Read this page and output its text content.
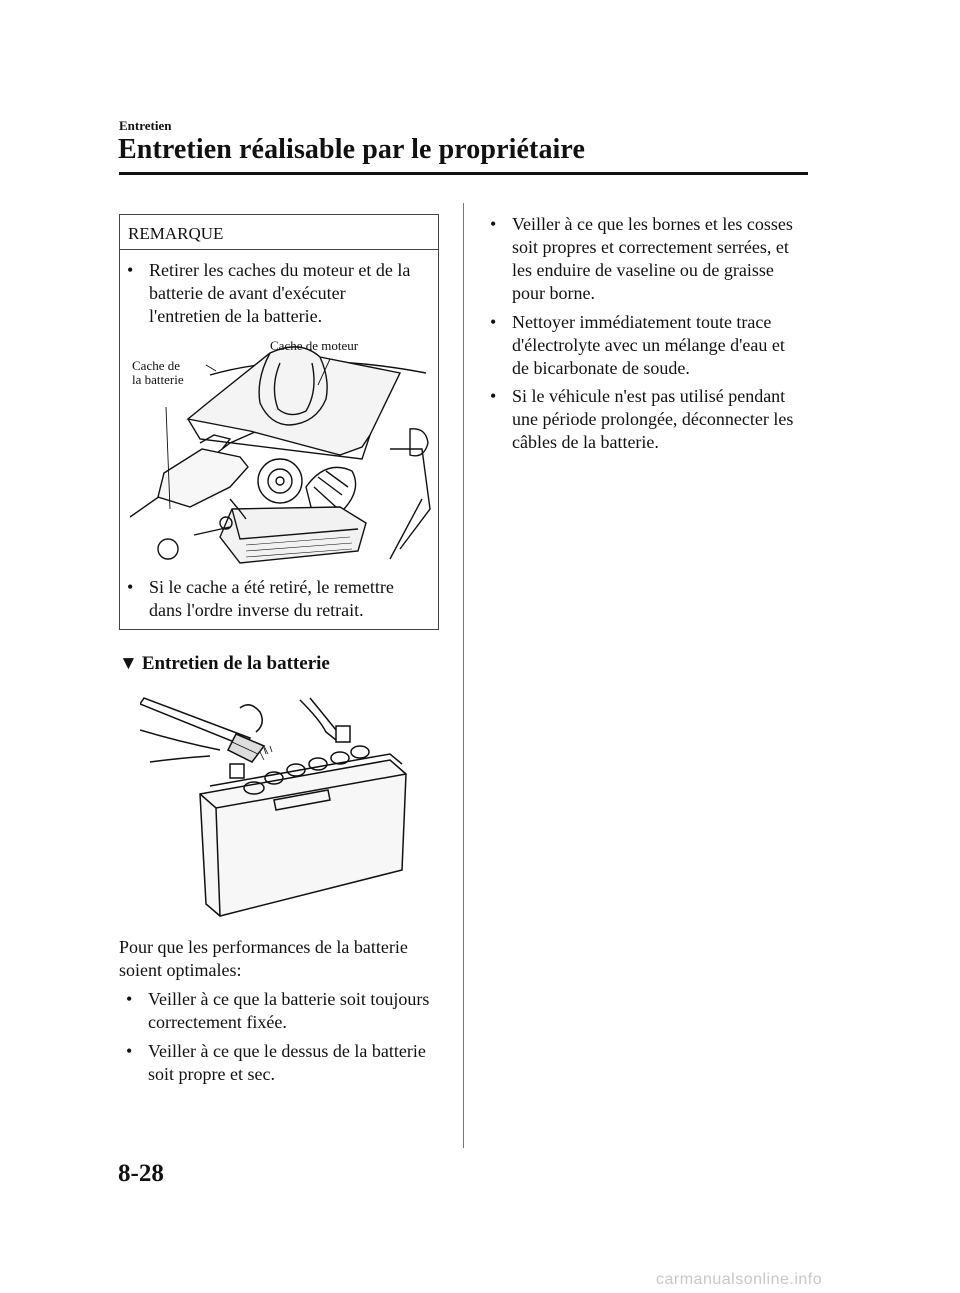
Entretien
Entretien réalisable par le propriétaire
REMARQUE
• Retirer les caches du moteur et de la
batterie de avant d'exécuter
l'entretien de la batterie.
Cache de moteur
Cache de
la batterie
• Si le cache a été retiré, le remettre
dans l'ordre inverse du retrait.
▼ Entretien de la batterie
Pour que les performances de la batterie
soient optimales:
• Veiller à ce que la batterie soit toujours
correctement fixée.
• Veiller à ce que le dessus de la batterie
soit propre et sec.
• Veiller à ce que les bornes et les cosses
soit propres et correctement serrées, et
les enduire de vaseline ou de graisse
pour borne.
• Nettoyer immédiatement toute trace
d'électrolyte avec un mélange d'eau et
de bicarbonate de soude.
• Si le véhicule n'est pas utilisé pendant
une période prolongée, déconnecter les
câbles de la batterie.
8-28
carmanualsonline.info
